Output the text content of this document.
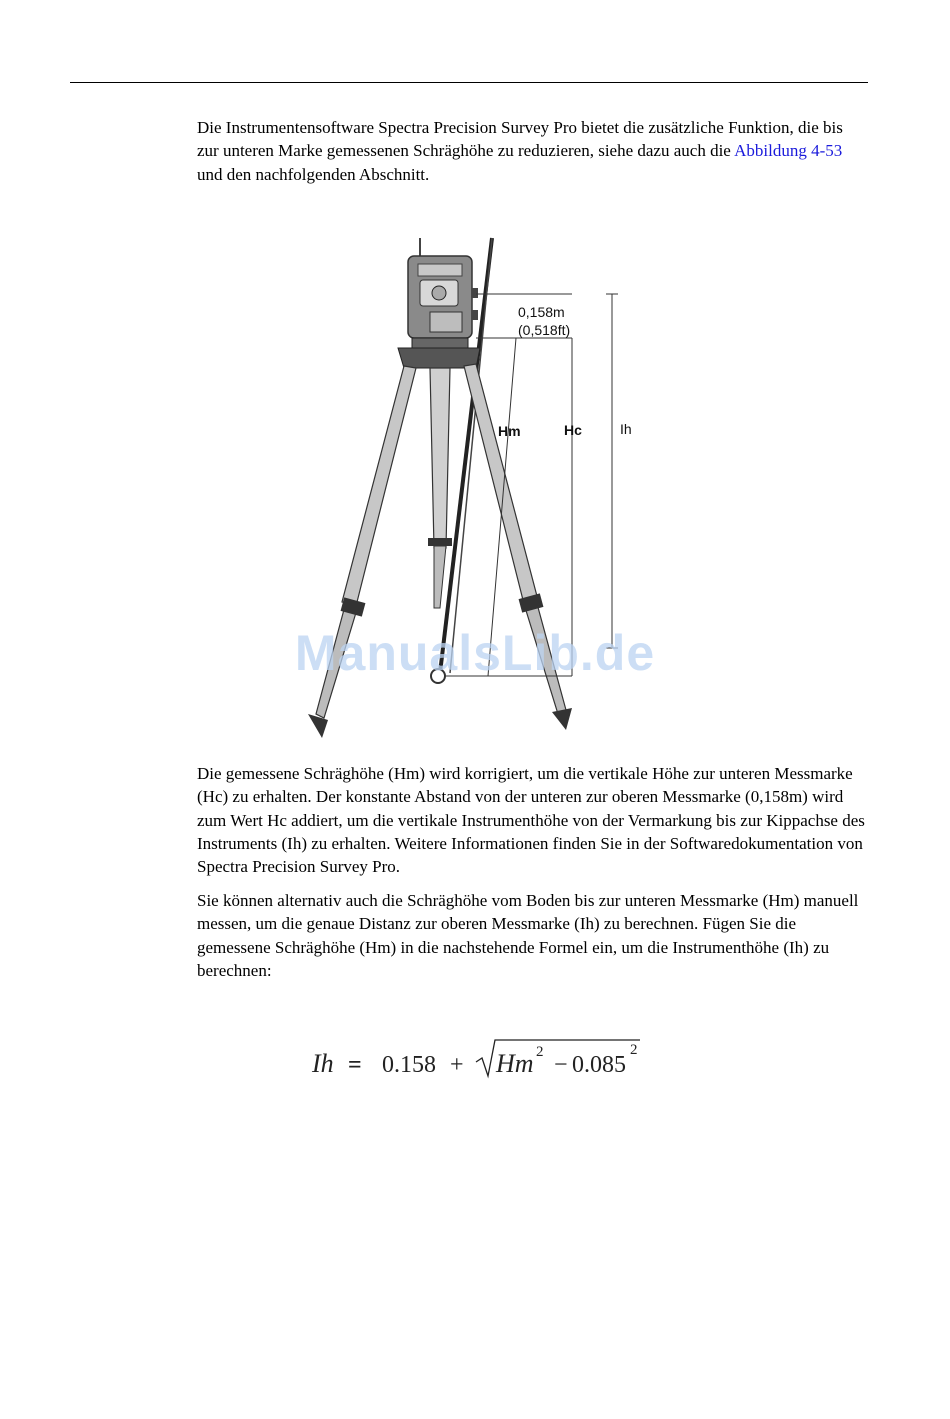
Die Instrumentensoftware Spectra Precision Survey Pro bietet die zusätzliche Funktion, die bis zur unteren Marke gemessenen Schräghöhe zu reduzieren, siehe dazu auch die Abbildung 4-53 und den nachfolgenden Abschnitt.

0,158m
(0,518ft)
Hm	Hc	Ih
ManualsLib.de

Die gemessene Schräghöhe (Hm) wird korrigiert, um die vertikale Höhe zur unteren Messmarke (Hc) zu erhalten. Der konstante Abstand von der unteren zur oberen Messmarke (0,158m) wird zum Wert Hc addiert, um die vertikale Instrumenthöhe von der Vermarkung bis zur Kippachse des Instruments (Ih) zu erhalten. Weitere Informationen finden Sie in der Softwaredokumentation von Spectra Precision Survey Pro.

Sie können alternativ auch die Schräghöhe vom Boden bis zur unteren Messmarke (Hm) manuell messen, um die genaue Distanz zur oberen Messmarke (Ih) zu berechnen. Fügen Sie die gemessene Schräghöhe (Hm) in die nachstehende Formel ein, um die Instrumenthöhe (Ih) zu berechnen:

Ih = 0.158 + Hm 2 − 0.085
2
